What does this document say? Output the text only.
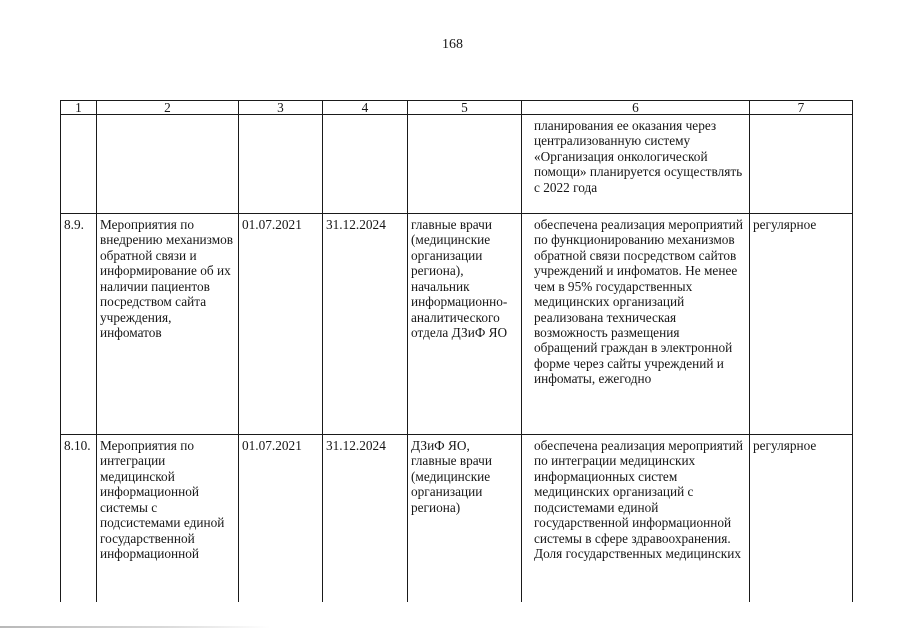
168
1	2	3	4	5	6	7

					планирования ее оказания через централизованную систему «Организация онкологической помощи» планируется осуществлять с 2022 года	

8.9.	Мероприятия по внедрению механизмов обратной связи и информирование об их наличии пациентов посредством сайта учреждения, инфоматов	01.07.2021	31.12.2024	главные врачи (медицинские организации региона), начальник информационно-аналитического отдела ДЗиФ ЯО	обеспечена реализация мероприятий по функционированию механизмов обратной связи посредством сайтов учреждений и инфоматов. Не менее чем в 95% государственных медицинских организаций реализована техническая возможность размещения обращений граждан в электронной форме через сайты учреждений и инфоматы, ежегодно	регулярное

8.10.	Мероприятия по интеграции медицинской информационной системы с подсистемами единой государственной информационной	01.07.2021	31.12.2024	ДЗиФ ЯО, главные врачи (медицинские организации региона)	обеспечена реализация мероприятий по интеграции медицинских информационных систем медицинских организаций с подсистемами единой государственной информационной системы в сфере здравоохранения. Доля государственных медицинских	регулярное
